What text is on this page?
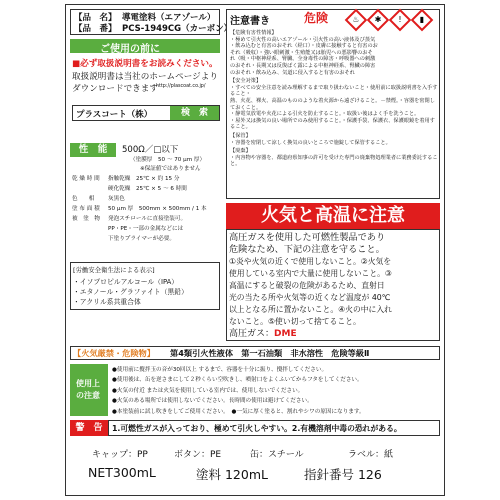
【品　名】 導電塗料（エアゾール）
【品　番】 PCS-1949CG（カーボン）
ご使用の前に
■必ず取扱説明書をお読みください。
取扱説明書は当社のホームページより
ダウンロードできます
http://plascoat.co.jp/
プラスコート（株）	検　索
性　能	500Ω／□以下
（塗膜厚　50 〜 70 μm 厚）
※保証値ではありません
乾 燥 時 間 指触乾燥　25℃ × 約 15 分
硬化乾燥　25℃ × 5 〜 6 時間
色　　相 灰黒色
塗 布 面 積 50 μm 厚　500mm × 500mm / 1 本
被　塗　物 発泡スチロールに直接塗装可。
PP・PE・一部の金属などには
下塗りプライマーが必要。
[労働安全衛生法による表示]
・イソプロピルアルコール（IPA）
・エタノール・グラファイト（黒鉛）
・アクリル系共重合体
注意書き	危険	♨	✱	!	▮
【危険有害性情報】
・極めて引火性の高いエアゾール・引火性の高い液体及び蒸気
・飲み込むと有害のおそれ（経口）・皮膚に接触すると有害のお
それ（吸収）・強い眼刺激・生殖能又は胎児への悪影響のおそ
れ（吸・中枢神経系、腎臓、全身毒性の障害・呼吸器への刺激
のおそれ・長期又は反復ばく露による中枢神経系、腎臓の障害
のおそれ・飲み込み、気道に侵入すると有害のおそれ
【安全対策】
・すべての安全注意を読み理解するまで取り扱わないこと・使用前に取扱説明書を入手すること・
熱、火花、裸火、高温のもののような着火源から遠ざけること。－禁煙。・容器を密閉しておくこと。
・静電気放電や火花による引火を防止すること。・取扱い後はよく手を洗うこと。
・屋外又は換気の良い場所でのみ使用すること。・保護手袋、保護衣、保護眼鏡を着用すること。
【保管】
・容器を密閉して涼しく換気の良いところで施錠して保管すること。
【廃棄】
・内容物や容器を、都道府県知事の許可を受けた専門の廃棄物処理業者に業務委託すること。
火気と高温に注意
高圧ガスを使用した可燃性製品であり
危険なため、下記の注意を守ること。
①炎や火気の近くで使用しないこと。②火気を
使用している室内で大量に使用しないこと。③
高温にすると破裂の危険があるため、直射日
光の当たる所や火気等の近くなど温度が 40℃
以上となる所に置かないこと。④火の中に入れ
ないこと。⑤使い切って捨てること。
高圧ガス：DME
【火気厳禁・危険物】 第4類引火性液体　第一石油類　非水溶性　危険等級Ⅱ
使用上
の注意
●使用前に攪拌玉の音が30回以上 するまで、容器を十分に振り、攪拌してください。
●使用後は、缶を逆さまにして２秒くらい空吹きし、噴射口をよくふいてからフタをしてください。
●火気の付近 または火気を使用している室内では、使用しないでください。
●火気のある場所では使用しないでください。長時間の使用は避けてください。
●本塗装前に試し吹きをしてご使用ください。　●一気に厚く塗ると、割れやシワの原因になります。
警　告	1.可燃性ガスが入っており、極めて引火しやすい。2.有機溶剤中毒の恐れがある。
キャップ：PP	ボタン：PE	缶：スチール	ラベル：紙
NET300mL	塗料 120mL	指針番号 126
